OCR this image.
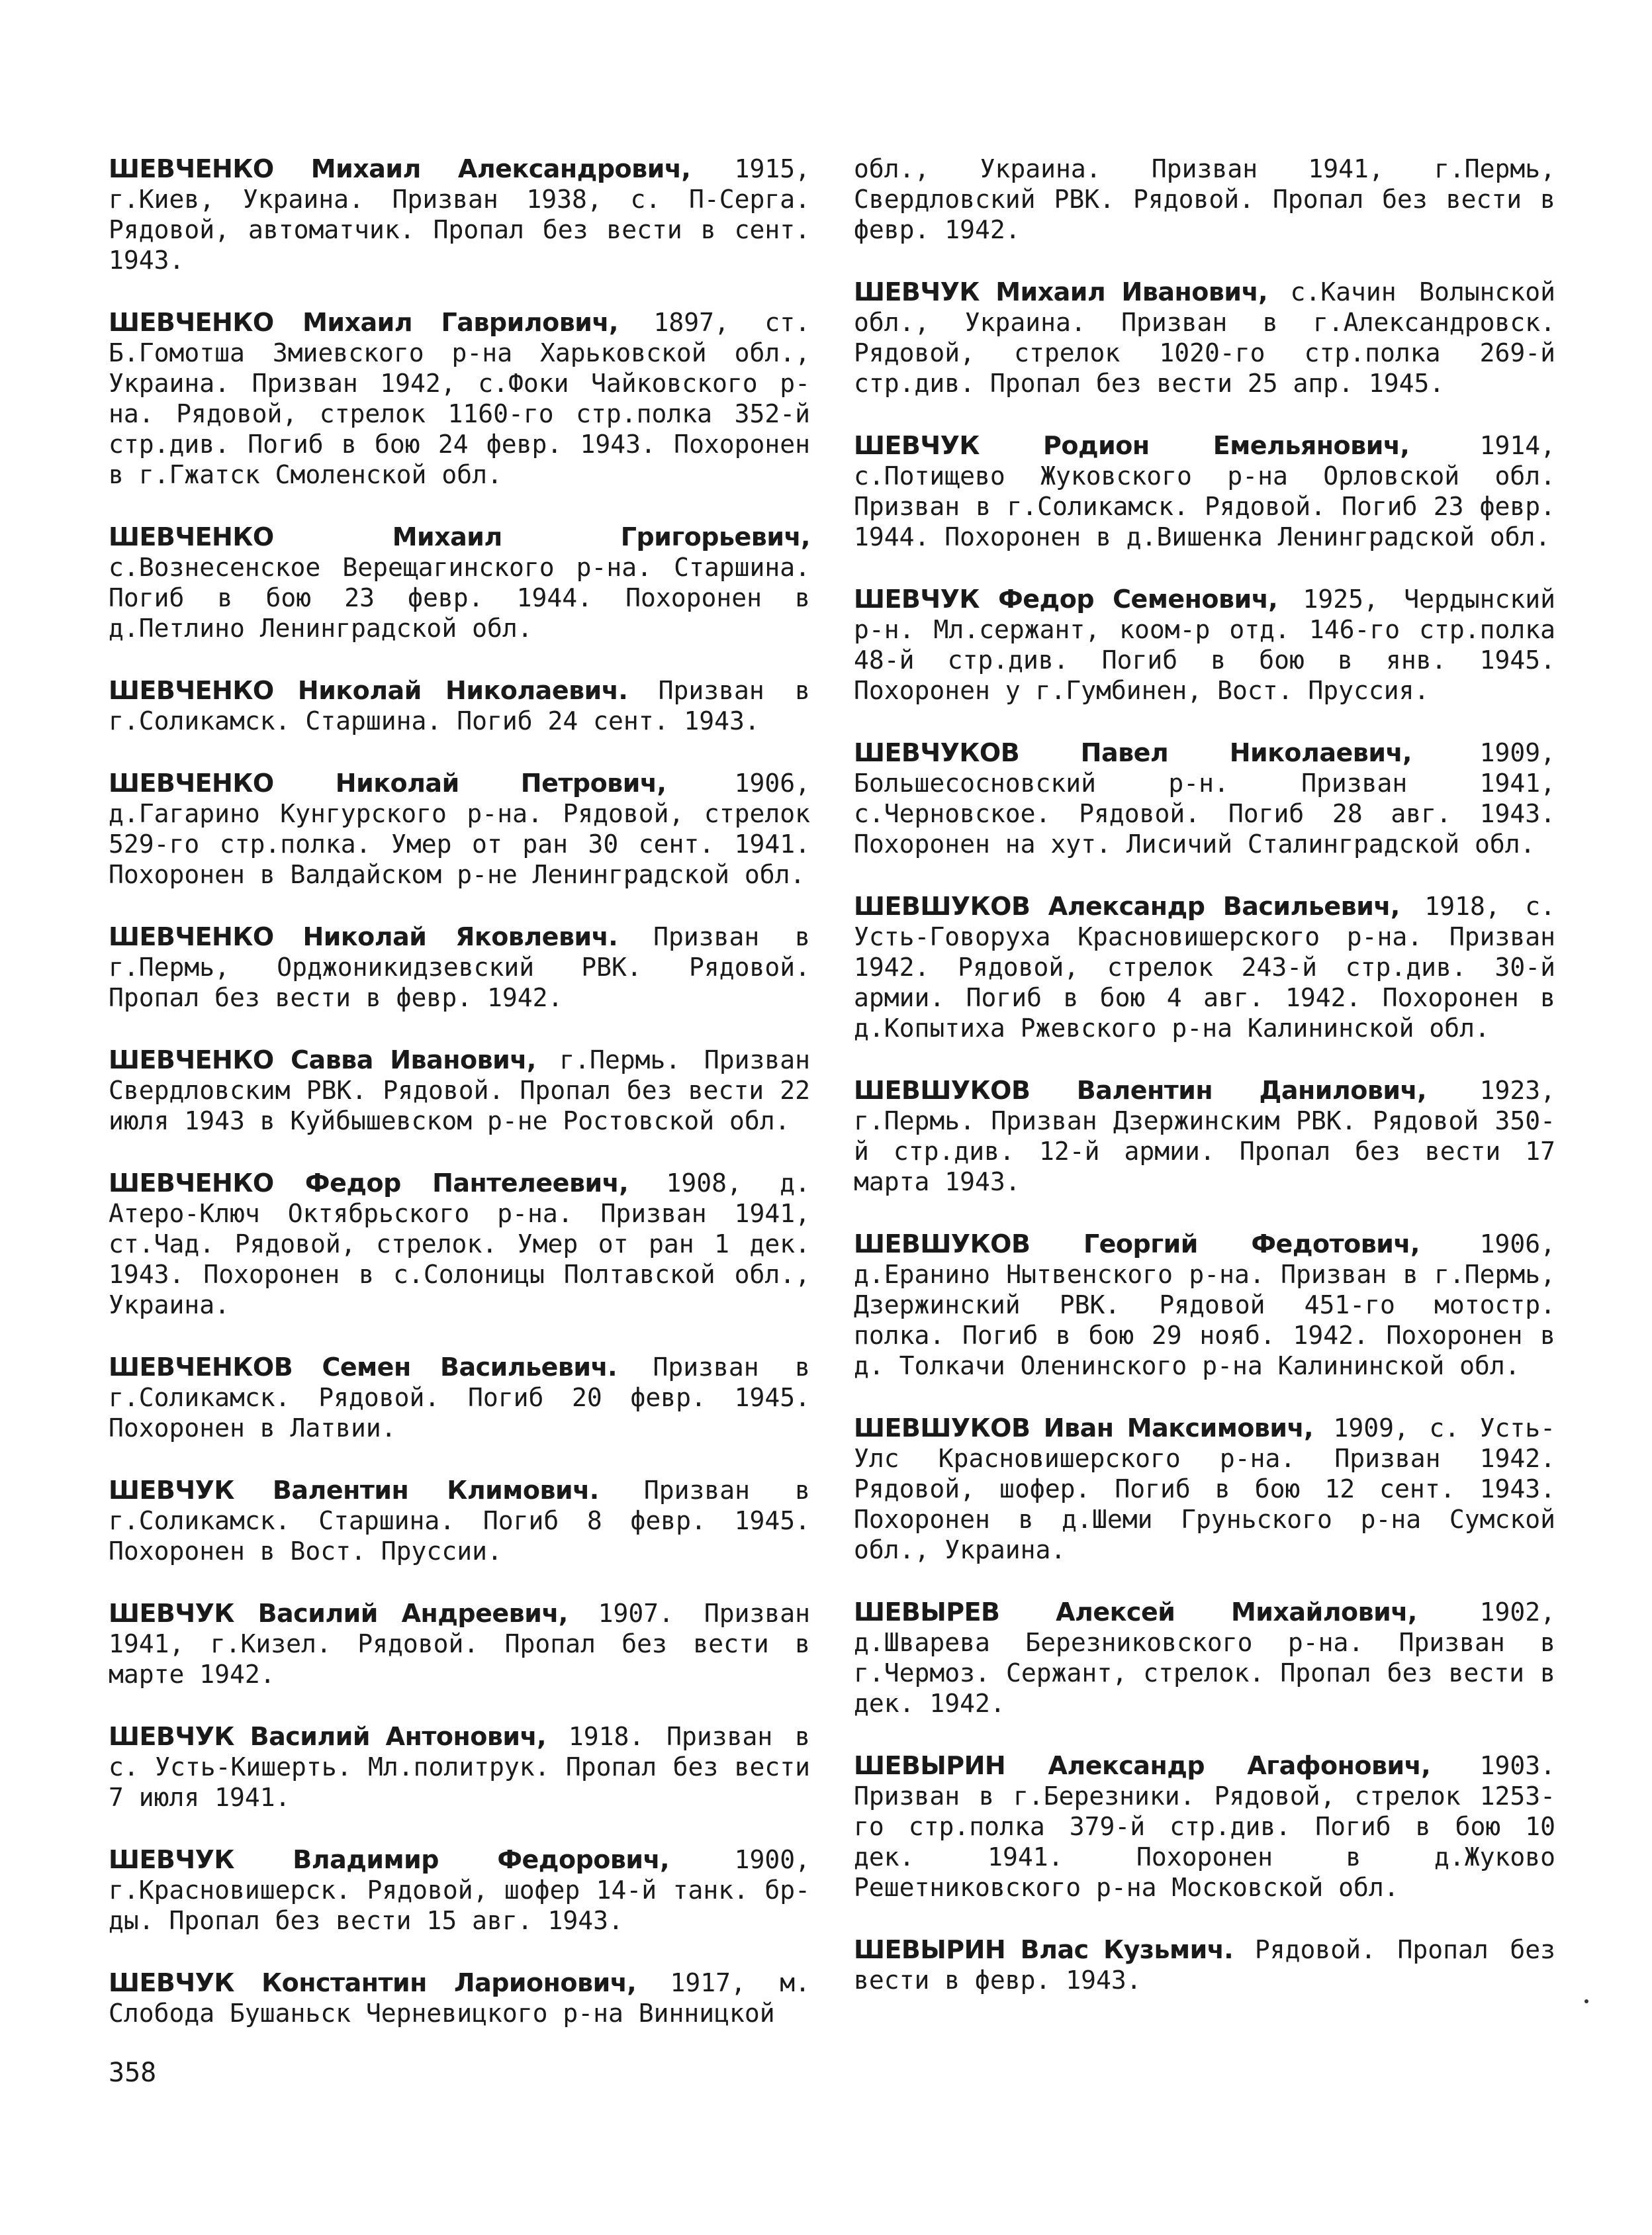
ШЕВЧЕНКО Михаил Александрович, 1915, г.Киев, Украина. Призван 1938, с. П-Серга. Рядовой, автоматчик. Пропал без вести в сент. 1943.

ШЕВЧЕНКО Михаил Гаврилович, 1897, ст. Б.Гомотша Змиевского р-на Харьковской обл., Украина. Призван 1942, с.Фоки Чайковского р-на. Рядовой, стрелок 1160-го стр.полка 352-й стр.див. Погиб в бою 24 февр. 1943. Похоронен в г.Гжатск Смоленской обл.

ШЕВЧЕНКО Михаил Григорьевич, с.Вознесенское Верещагинского р-на. Старшина. Погиб в бою 23 февр. 1944. Похоронен в д.Петлино Ленинградской обл.

ШЕВЧЕНКО Николай Николаевич. Призван в г.Соликамск. Старшина. Погиб 24 сент. 1943.

ШЕВЧЕНКО Николай Петрович, 1906, д.Гагарино Кунгурского р-на. Рядовой, стрелок 529-го стр.полка. Умер от ран 30 сент. 1941. Похоронен в Валдайском р-не Ленинградской обл.

ШЕВЧЕНКО Николай Яковлевич. Призван в г.Пермь, Орджоникидзевский РВК. Рядовой. Пропал без вести в февр. 1942.

ШЕВЧЕНКО Савва Иванович, г.Пермь. Призван Свердловским РВК. Рядовой. Пропал без вести 22 июля 1943 в Куйбышевском р-не Ростовской обл.

ШЕВЧЕНКО Федор Пантелеевич, 1908, д. Атеро-Ключ Октябрьского р-на. Призван 1941, ст.Чад. Рядовой, стрелок. Умер от ран 1 дек. 1943. Похоронен в с.Солоницы Полтавской обл., Украина.

ШЕВЧЕНКОВ Семен Васильевич. Призван в г.Соликамск. Рядовой. Погиб 20 февр. 1945. Похоронен в Латвии.

ШЕВЧУК Валентин Климович. Призван в г.Соликамск. Старшина. Погиб 8 февр. 1945. Похоронен в Вост. Пруссии.

ШЕВЧУК Василий Андреевич, 1907. Призван 1941, г.Кизел. Рядовой. Пропал без вести в марте 1942.

ШЕВЧУК Василий Антонович, 1918. Призван в с. Усть-Кишерть. Мл.политрук. Пропал без вести 7 июля 1941.

ШЕВЧУК Владимир Федорович, 1900, г.Красновишерск. Рядовой, шофер 14-й танк. бр-ды. Пропал без вести 15 авг. 1943.

ШЕВЧУК Константин Ларионович, 1917, м. Слобода Бушаньск Черневицкого р-на Винницкой

обл., Украина. Призван 1941, г.Пермь, Свердловский РВК. Рядовой. Пропал без вести в февр. 1942.

ШЕВЧУК Михаил Иванович, с.Качин Волынской обл., Украина. Призван в г.Александровск. Рядовой, стрелок 1020-го стр.полка 269-й стр.див. Пропал без вести 25 апр. 1945.

ШЕВЧУК Родион Емельянович, 1914, с.Потищево Жуковского р-на Орловской обл. Призван в г.Соликамск. Рядовой. Погиб 23 февр. 1944. Похоронен в д.Вишенка Ленинградской обл.

ШЕВЧУК Федор Семенович, 1925, Чердынский р-н. Мл.сержант, коом-р отд. 146-го стр.полка 48-й стр.див. Погиб в бою в янв. 1945. Похоронен у г.Гумбинен, Вост. Пруссия.

ШЕВЧУКОВ Павел Николаевич, 1909, Большесосновский р-н. Призван 1941, с.Черновское. Рядовой. Погиб 28 авг. 1943. Похоронен на хут. Лисичий Сталинградской обл.

ШЕВШУКОВ Александр Васильевич, 1918, с. Усть-Говоруха Красновишерского р-на. Призван 1942. Рядовой, стрелок 243-й стр.див. 30-й армии. Погиб в бою 4 авг. 1942. Похоронен в д.Копытиха Ржевского р-на Калининской обл.

ШЕВШУКОВ Валентин Данилович, 1923, г.Пермь. Призван Дзержинским РВК. Рядовой 350-й стр.див. 12-й армии. Пропал без вести 17 марта 1943.

ШЕВШУКОВ Георгий Федотович, 1906, д.Еранино Нытвенского р-на. Призван в г.Пермь, Дзержинский РВК. Рядовой 451-го мотостр. полка. Погиб в бою 29 нояб. 1942. Похоронен в д. Толкачи Оленинского р-на Калининской обл.

ШЕВШУКОВ Иван Максимович, 1909, с. Усть-Улс Красновишерского р-на. Призван 1942. Рядовой, шофер. Погиб в бою 12 сент. 1943. Похоронен в д.Шеми Груньского р-на Сумской обл., Украина.

ШЕВЫРЕВ Алексей Михайлович, 1902, д.Шварева Березниковского р-на. Призван в г.Чермоз. Сержант, стрелок. Пропал без вести в дек. 1942.

ШЕВЫРИН Александр Агафонович, 1903. Призван в г.Березники. Рядовой, стрелок 1253-го стр.полка 379-й стр.див. Погиб в бою 10 дек. 1941. Похоронен в д.Жуково Решетниковского р-на Московской обл.

ШЕВЫРИН Влас Кузьмич. Рядовой. Пропал без вести в февр. 1943.

358
